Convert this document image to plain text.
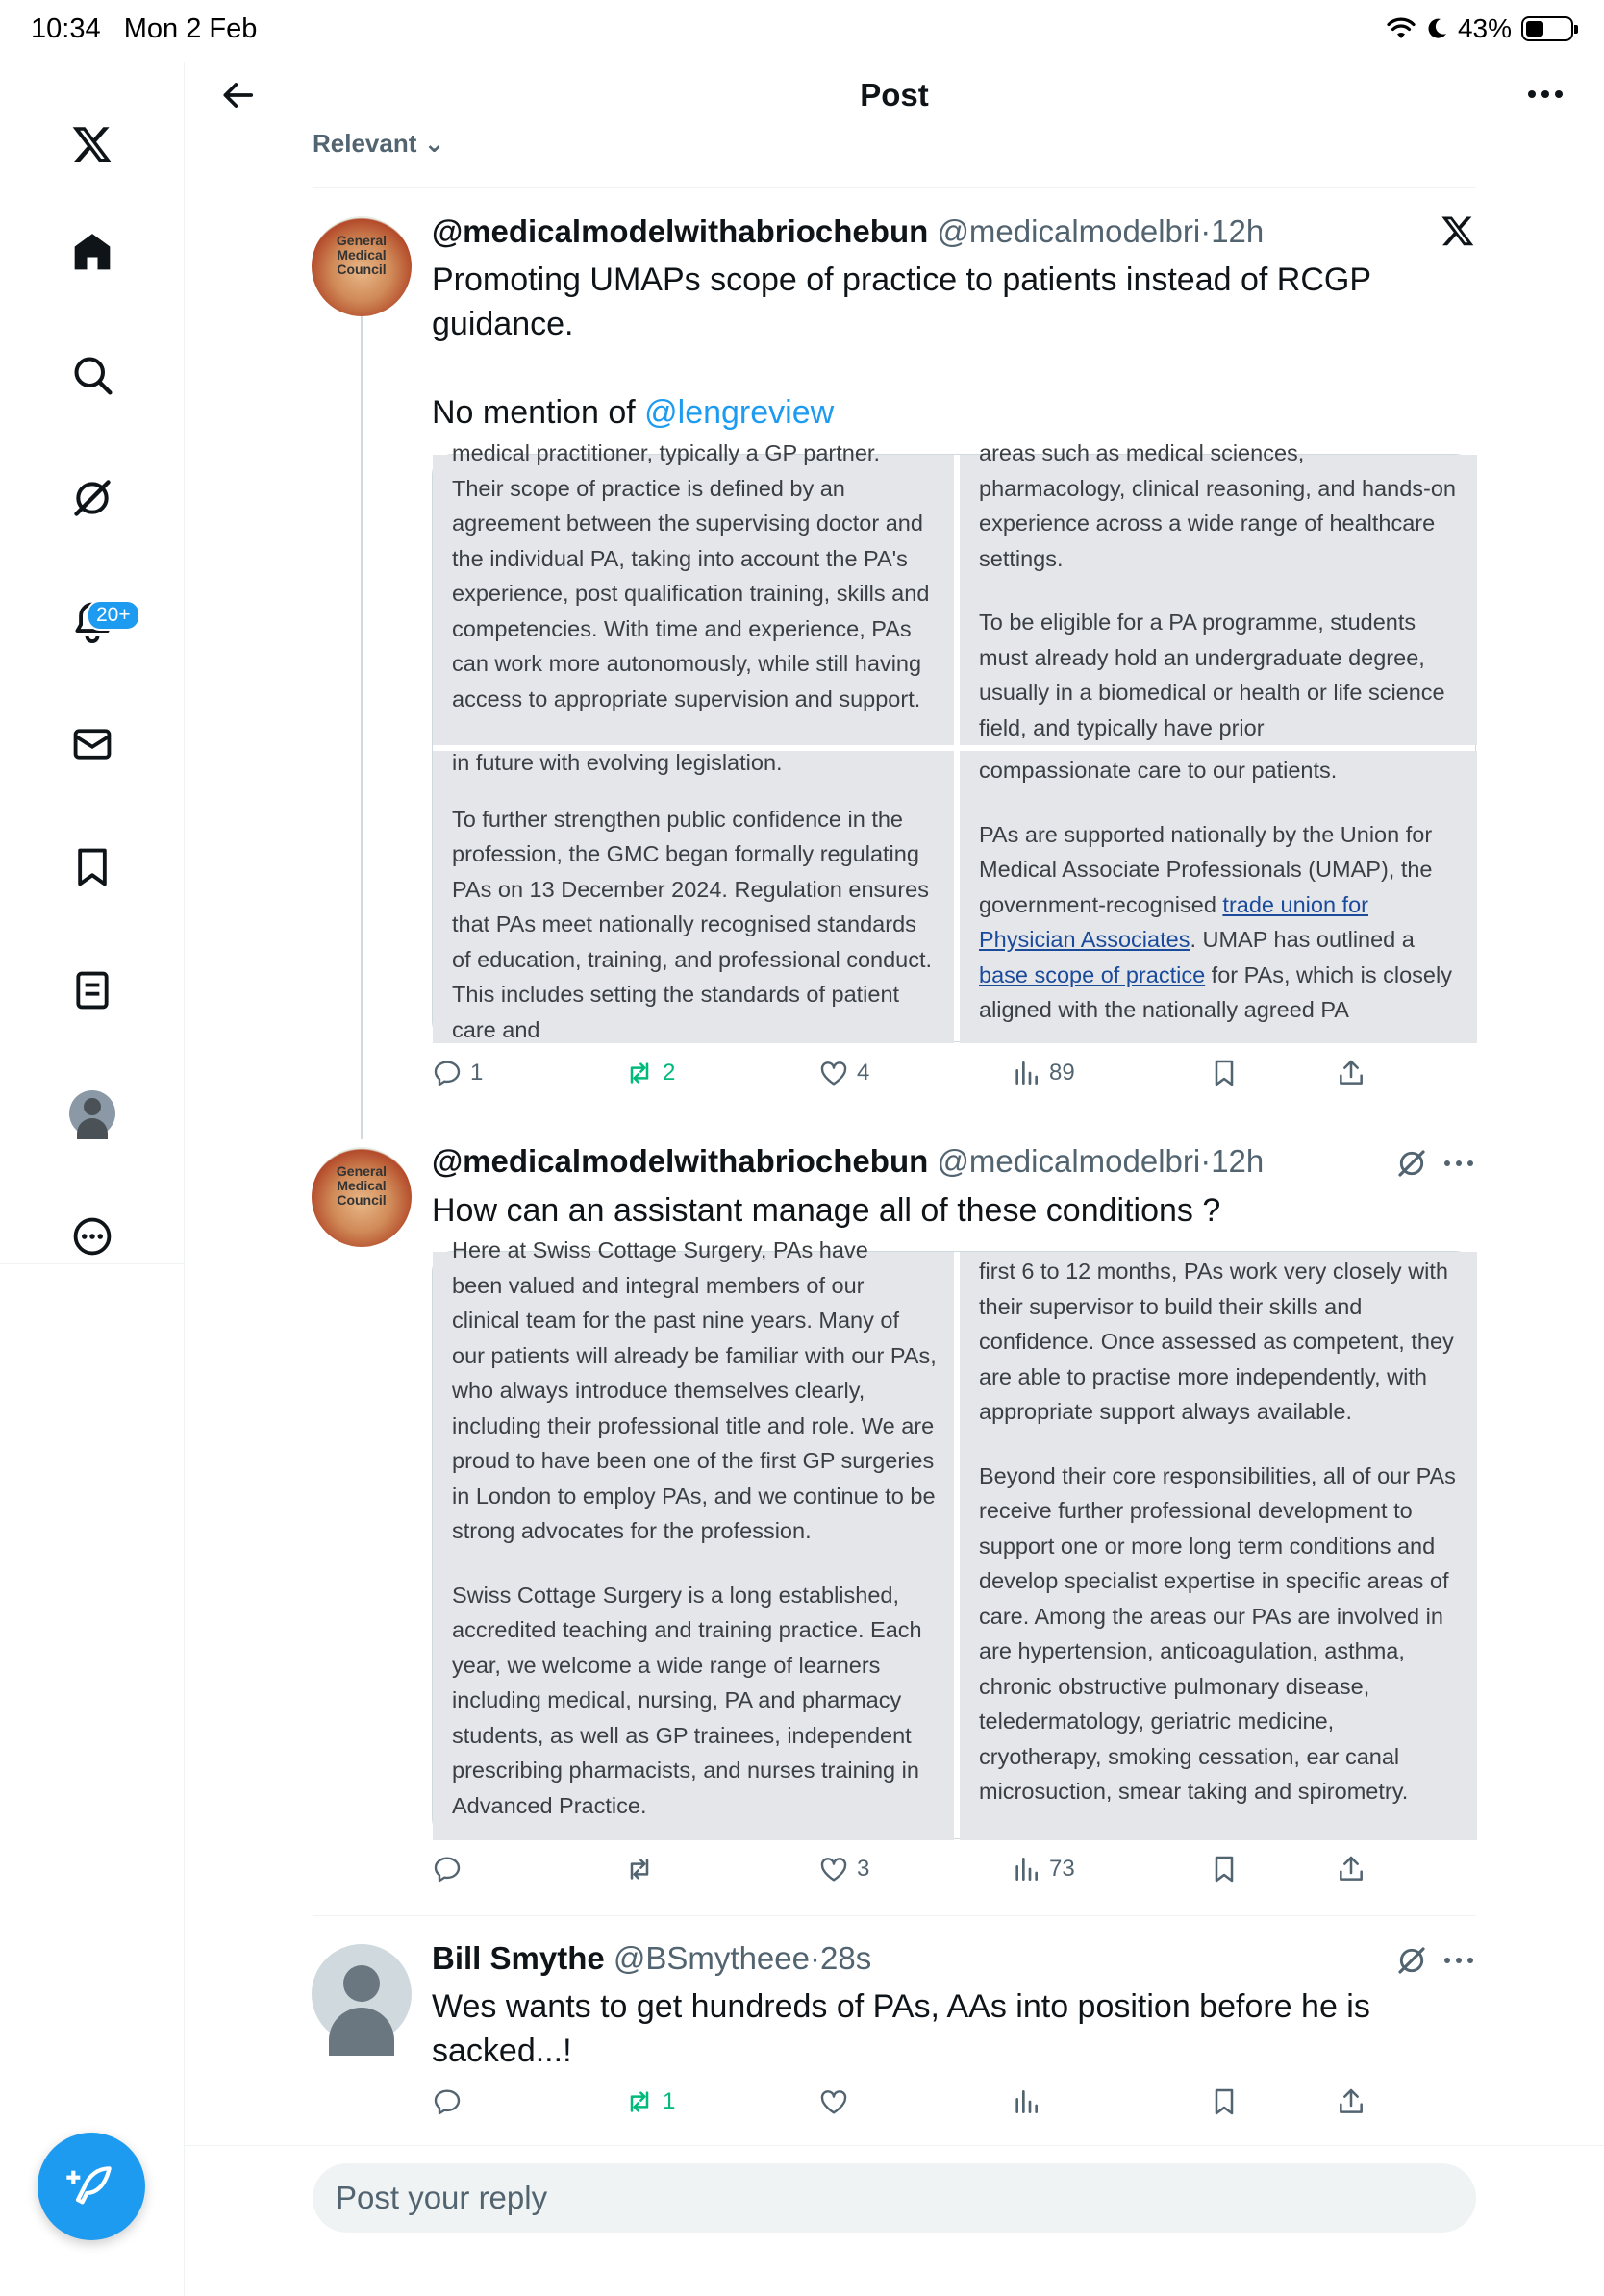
10:34 Mon 2 Feb	43%
20+
Post
Relevant ⌄
General Medical Council
@medicalmodelwithabriochebun @medicalmodelbri·12h
Promoting UMAPs scope of practice to patients instead of RCGP guidance.
No mention of @lengreview
medical practitioner, typically a GP partner.
Their scope of practice is defined by an agreement between the supervising doctor and the individual PA, taking into account the PA's experience, post qualification training, skills and competencies. With time and experience, PAs can work more autonomously, while still having access to appropriate supervision and support.
areas such as medical sciences,

pharmacology, clinical reasoning, and hands-on experience across a wide range of healthcare settings.

To be eligible for a PA programme, students must already hold an undergraduate degree, usually in a biomedical or health or life science field, and typically have prior

in future with evolving legislation.

To further strengthen public confidence in the profession, the GMC began formally regulating PAs on 13 December 2024. Regulation ensures that PAs meet nationally recognised standards of education, training, and professional conduct. This includes setting the standards of patient care and

compassionate care to our patients.

PAs are supported nationally by the Union for Medical Associate Professionals (UMAP), the government-recognised trade union for Physician Associates. UMAP has outlined a base scope of practice for PAs, which is closely aligned with the nationally agreed PA

1	2	4	89
General Medical Council
@medicalmodelwithabriochebun @medicalmodelbri·12h
How can an assistant manage all of these conditions ?
Here at Swiss Cottage Surgery, PAs have

been valued and integral members of our clinical team for the past nine years. Many of our patients will already be familiar with our PAs, who always introduce themselves clearly, including their professional title and role. We are proud to have been one of the first GP surgeries in London to employ PAs, and we continue to be strong advocates for the profession.

Swiss Cottage Surgery is a long established, accredited teaching and training practice. Each year, we welcome a wide range of learners including medical, nursing, PA and pharmacy students, as well as GP trainees, independent prescribing pharmacists, and nurses training in Advanced Practice.

first 6 to 12 months, PAs work very closely with their supervisor to build their skills and confidence. Once assessed as competent, they are able to practise more independently, with appropriate support always available.

Beyond their core responsibilities, all of our PAs receive further professional development to support one or more long term conditions and develop specialist expertise in specific areas of care. Among the areas our PAs are involved in are hypertension, anticoagulation, asthma, chronic obstructive pulmonary disease, teledermatology, geriatric medicine, cryotherapy, smoking cessation, ear canal microsuction, smear taking and spirometry.

3	73
Bill Smythe @BSmytheee·28s
Wes wants to get hundreds of PAs, AAs into position before he is sacked...!
1
Post your reply
